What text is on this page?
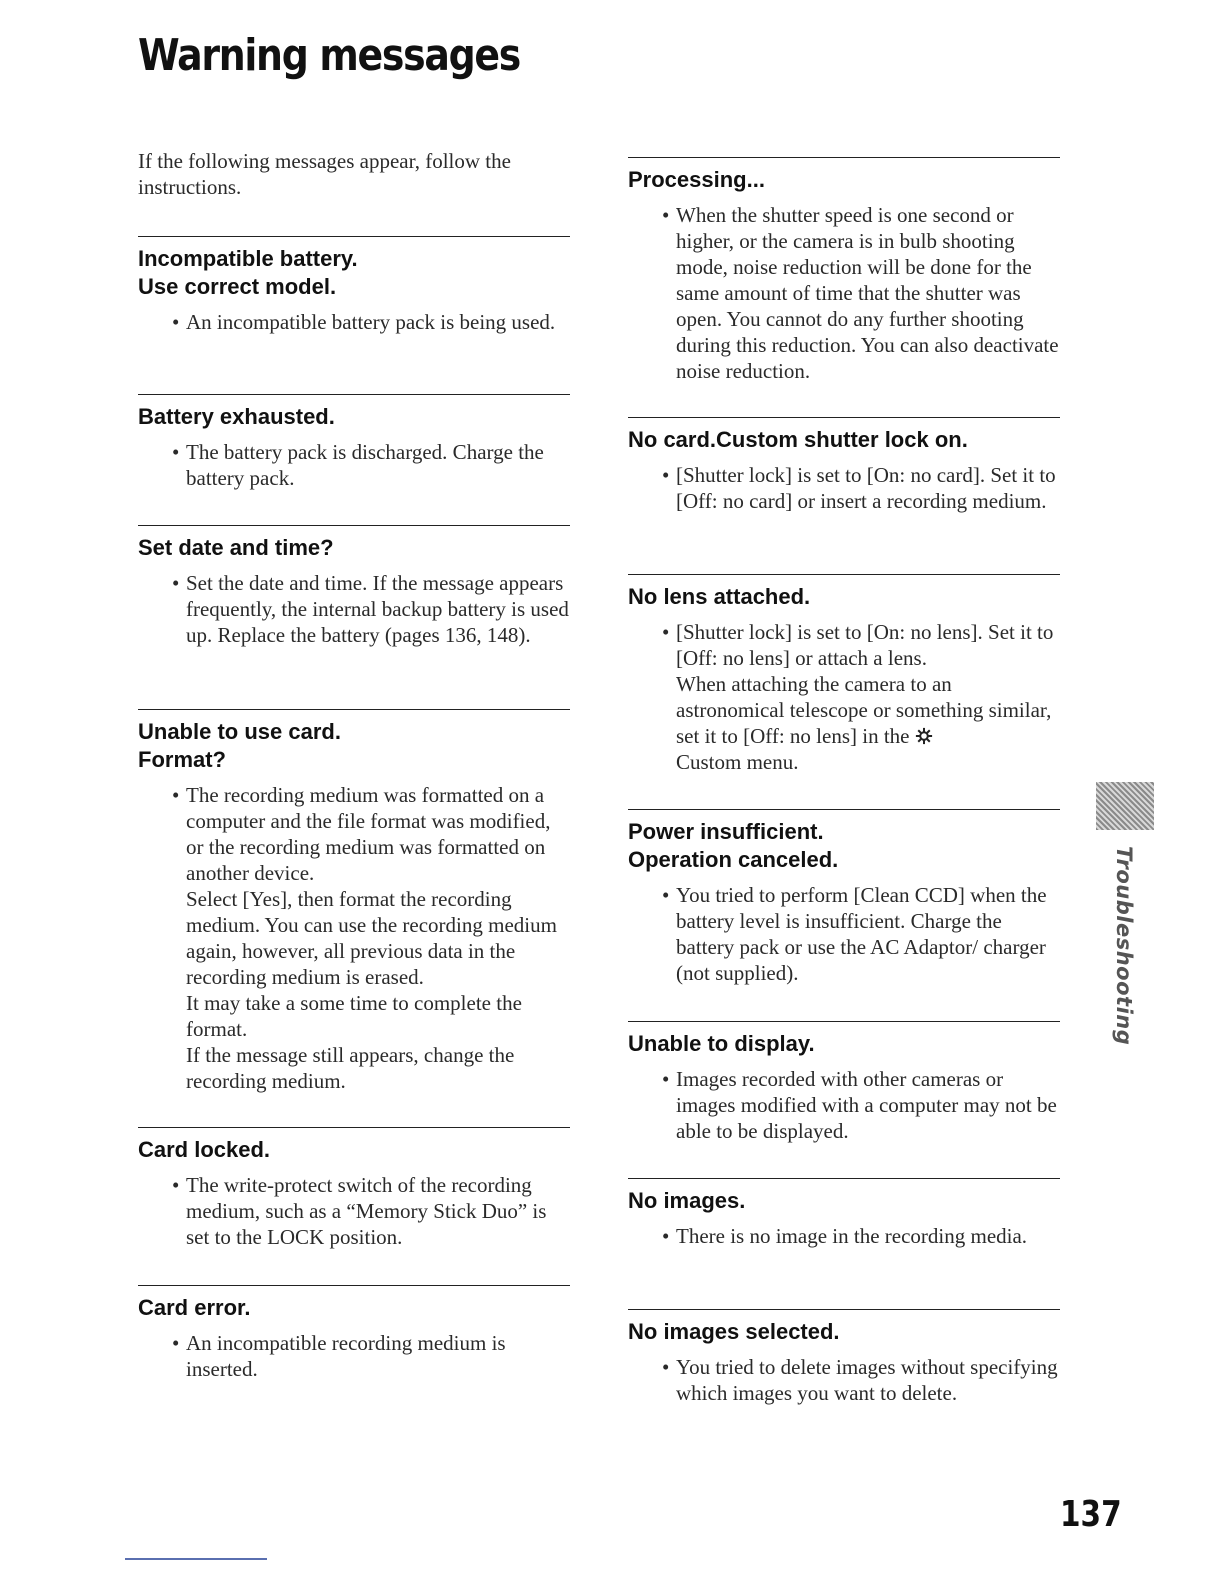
Warning messages

If the following messages appear, follow the instructions.

Incompatible battery.
Use correct model.
• An incompatible battery pack is being used.
Battery exhausted.
• The battery pack is discharged. Charge the battery pack.
Set date and time?
• Set the date and time. If the message appears frequently, the internal backup battery is used up. Replace the battery (pages 136, 148).
Unable to use card.
Format?
• The recording medium was formatted on a computer and the file format was modified, or the recording medium was formatted on another device.
Select [Yes], then format the recording medium. You can use the recording medium again, however, all previous data in the recording medium is erased.
It may take a some time to complete the format.
If the message still appears, change the recording medium.
Card locked.
• The write-protect switch of the recording medium, such as a “Memory Stick Duo” is set to the LOCK position.
Card error.
• An incompatible recording medium is inserted.
Processing...
• When the shutter speed is one second or higher, or the camera is in bulb shooting mode, noise reduction will be done for the same amount of time that the shutter was open. You cannot do any further shooting during this reduction. You can also deactivate noise reduction.
No card.Custom shutter lock on.
• [Shutter lock] is set to [On: no card]. Set it to [Off: no card] or insert a recording medium.
No lens attached.
• [Shutter lock] is set to [On: no lens]. Set it to [Off: no lens] or attach a lens.
When attaching the camera to an astronomical telescope or something similar, set it to [Off: no lens] in the
Custom menu.
Power insufficient.
Operation canceled.
• You tried to perform [Clean CCD] when the battery level is insufficient. Charge the battery pack or use the AC Adaptor/ charger (not supplied).
Unable to display.
• Images recorded with other cameras or images modified with a computer may not be able to be displayed.
No images.
• There is no image in the recording media.
No images selected.
• You tried to delete images without specifying which images you want to delete.
Troubleshooting
137
